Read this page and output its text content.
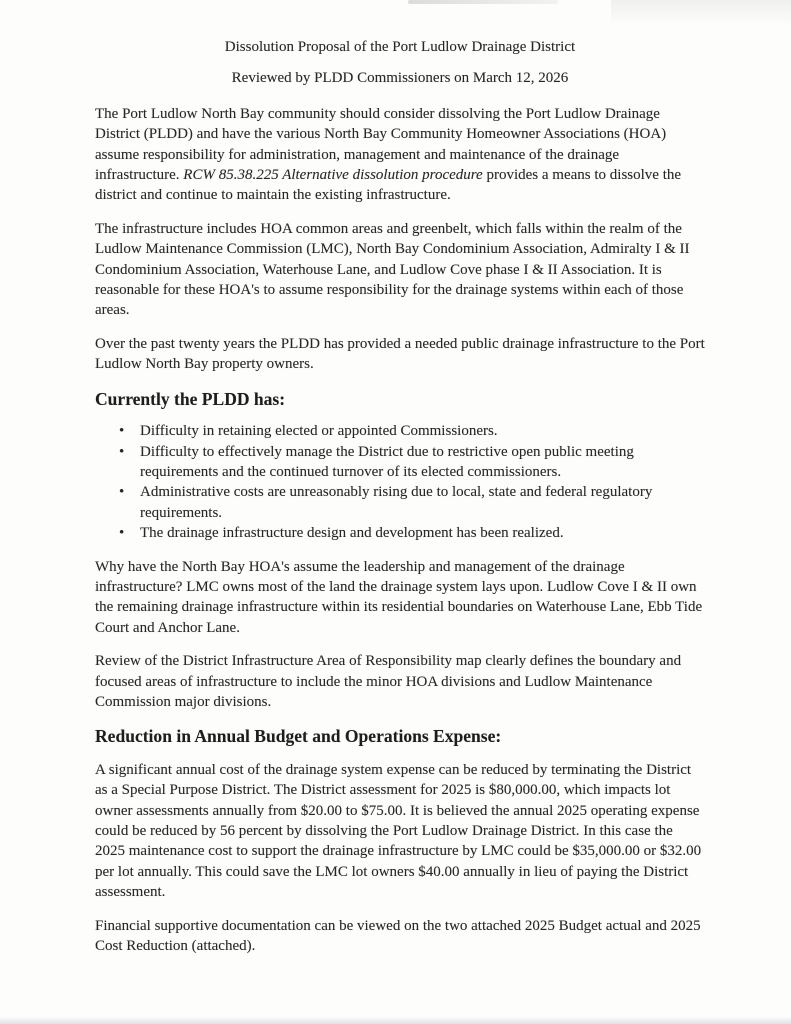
Dissolution Proposal of the Port Ludlow Drainage District
Reviewed by PLDD Commissioners on March 12, 2026

The Port Ludlow North Bay community should consider dissolving the Port Ludlow Drainage District (PLDD) and have the various North Bay Community Homeowner Associations (HOA) assume responsibility for administration, management and maintenance of the drainage infrastructure. RCW 85.38.225 Alternative dissolution procedure provides a means to dissolve the district and continue to maintain the existing infrastructure.

The infrastructure includes HOA common areas and greenbelt, which falls within the realm of the Ludlow Maintenance Commission (LMC), North Bay Condominium Association, Admiralty I & II Condominium Association, Waterhouse Lane, and Ludlow Cove phase I & II Association. It is reasonable for these HOA's to assume responsibility for the drainage systems within each of those areas.

Over the past twenty years the PLDD has provided a needed public drainage infrastructure to the Port Ludlow North Bay property owners.

Currently the PLDD has:
• Difficulty in retaining elected or appointed Commissioners.
• Difficulty to effectively manage the District due to restrictive open public meeting requirements and the continued turnover of its elected commissioners.
• Administrative costs are unreasonably rising due to local, state and federal regulatory requirements.
• The drainage infrastructure design and development has been realized.

Why have the North Bay HOA's assume the leadership and management of the drainage infrastructure? LMC owns most of the land the drainage system lays upon. Ludlow Cove I & II own the remaining drainage infrastructure within its residential boundaries on Waterhouse Lane, Ebb Tide Court and Anchor Lane.

Review of the District Infrastructure Area of Responsibility map clearly defines the boundary and focused areas of infrastructure to include the minor HOA divisions and Ludlow Maintenance Commission major divisions.

Reduction in Annual Budget and Operations Expense:

A significant annual cost of the drainage system expense can be reduced by terminating the District as a Special Purpose District. The District assessment for 2025 is $80,000.00, which impacts lot owner assessments annually from $20.00 to $75.00. It is believed the annual 2025 operating expense could be reduced by 56 percent by dissolving the Port Ludlow Drainage District. In this case the 2025 maintenance cost to support the drainage infrastructure by LMC could be $35,000.00 or $32.00 per lot annually. This could save the LMC lot owners $40.00 annually in lieu of paying the District assessment.

Financial supportive documentation can be viewed on the two attached 2025 Budget actual and 2025 Cost Reduction (attached).
